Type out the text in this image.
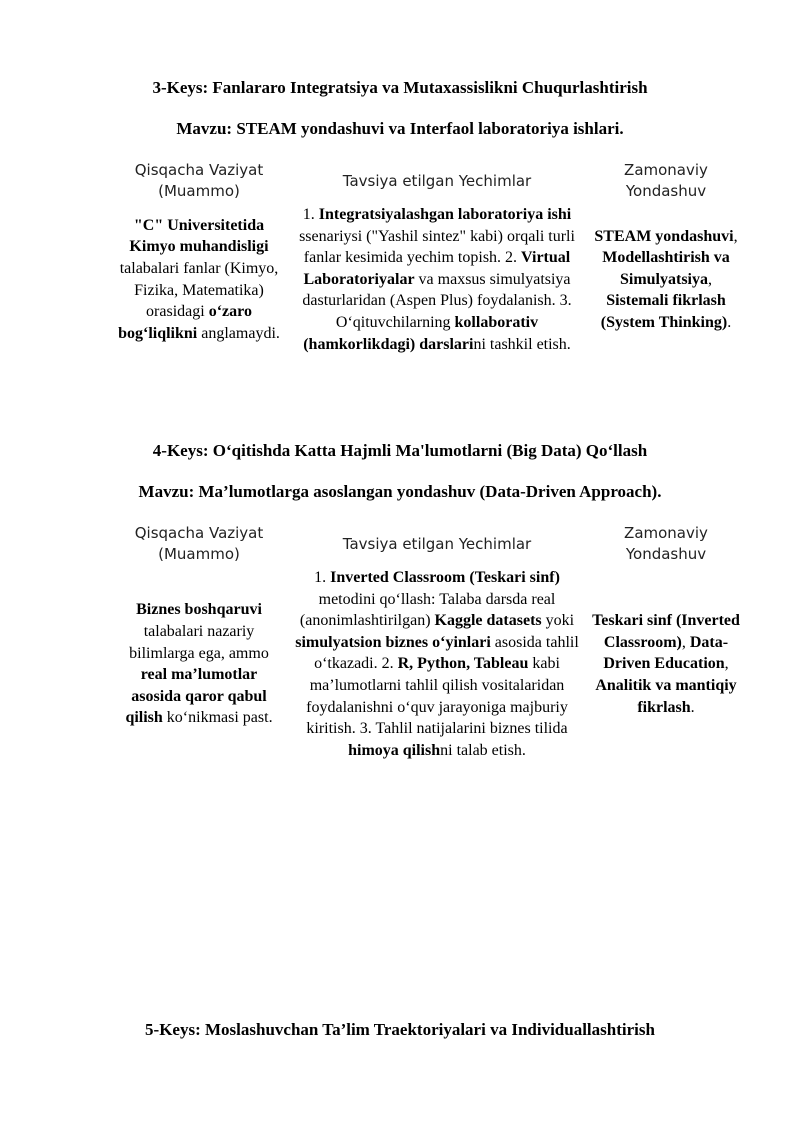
3-Keys: Fanlararo Integratsiya va Mutaxassislikni Chuqurlashtirish
Mavzu: STEAM yondashuvi va Interfaol laboratoriya ishlari.
Qisqacha Vaziyat (Muammo)	Tavsiya etilgan Yechimlar	Zamonaviy Yondashuv
"C" Universitetida Kimyo muhandisligi talabalari fanlar (Kimyo, Fizika, Matematika) orasidagi o‘zaro bog‘liqlikni anglamaydi.	1. Integratsiyalashgan laboratoriya ishi ssenariysi ("Yashil sintez" kabi) orqali turli fanlar kesimida yechim topish. 2. Virtual Laboratoriyalar va maxsus simulyatsiya dasturlaridan (Aspen Plus) foydalanish. 3. O‘qituvchilarning kollaborativ (hamkorlikdagi) darslarini tashkil etish.	STEAM yondashuvi, Modellashtirish va Simulyatsiya, Sistemali fikrlash (System Thinking).
4-Keys: O‘qitishda Katta Hajmli Ma'lumotlarni (Big Data) Qo‘llash
Mavzu: Ma’lumotlarga asoslangan yondashuv (Data-Driven Approach).
Qisqacha Vaziyat (Muammo)	Tavsiya etilgan Yechimlar	Zamonaviy Yondashuv
Biznes boshqaruvi talabalari nazariy bilimlarga ega, ammo real ma’lumotlar asosida qaror qabul qilish ko‘nikmasi past.	1. Inverted Classroom (Teskari sinf) metodini qo‘llash: Talaba darsda real (anonimlashtirilgan) Kaggle datasets yoki simulyatsion biznes o‘yinlari asosida tahlil o‘tkazadi. 2. R, Python, Tableau kabi ma’lumotlarni tahlil qilish vositalaridan foydalanishni o‘quv jarayoniga majburiy kiritish. 3. Tahlil natijalarini biznes tilida himoya qilishni talab etish.	Teskari sinf (Inverted Classroom), Data-Driven Education, Analitik va mantiqiy fikrlash.
5-Keys: Moslashuvchan Ta’lim Traektoriyalari va Individuallashtirish
